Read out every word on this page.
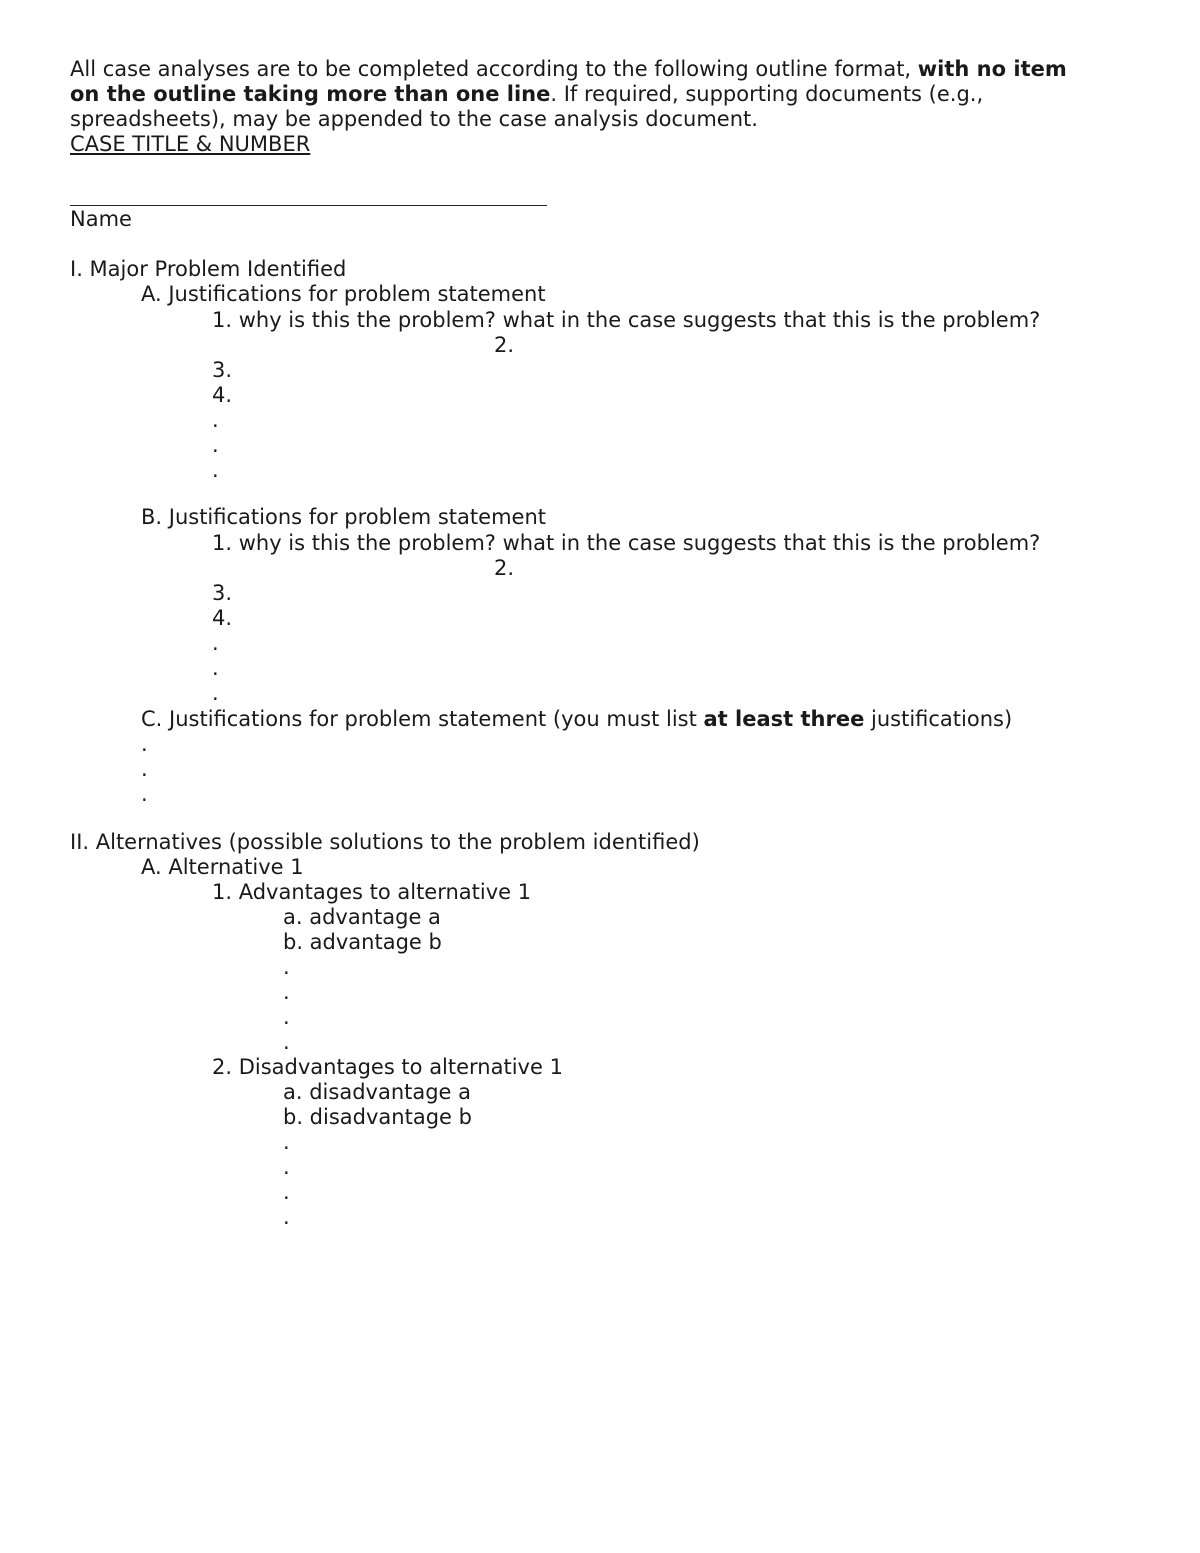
All case analyses are to be completed according to the following outline format, with no item
on the outline taking more than one line. If required, supporting documents (e.g.,
spreadsheets), may be appended to the case analysis document.
CASE TITLE & NUMBER
Name
I. Major Problem Identified
A. Justifications for problem statement
1. why is this the problem? what in the case suggests that this is the problem?
2.
3.
4.
.
.
.
B. Justifications for problem statement
1. why is this the problem? what in the case suggests that this is the problem?
2.
3.
4.
.
.
.
C. Justifications for problem statement (you must list at least three justifications)
.
.
.
II. Alternatives (possible solutions to the problem identified)
A. Alternative 1
1. Advantages to alternative 1
a. advantage a
b. advantage b
.
.
.
.
2. Disadvantages to alternative 1
a. disadvantage a
b. disadvantage b
.
.
.
.
